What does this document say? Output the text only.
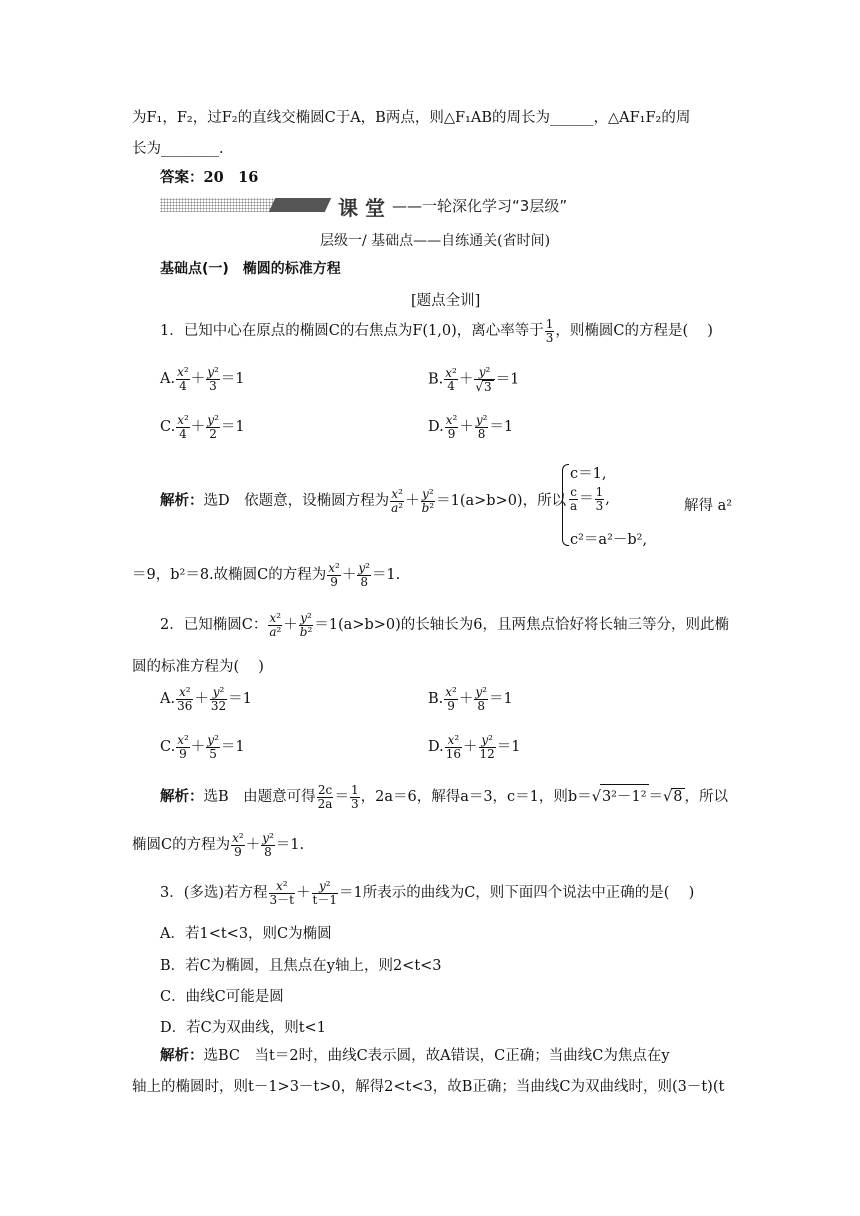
为F₁，F₂，过F₂的直线交椭圆C于A，B两点，则△F₁AB的周长为______，△AF₁F₂的周
长为________.
答案：20　16
课 堂 ——一轮深化学习“3层级”
层级一/ 基础点——自练通关(省时间)
基础点(一)　椭圆的标准方程
[题点全训]
1．已知中心在原点的椭圆C的右焦点为F(1,0)，离心率等于 $\frac{1}{3}$ ，则椭圆C的方程是(　 )
A. $\frac{\text{x²}}{4} + \frac{\text{y²}}{3} =1$	B. $\frac{\text{x²}}{4} + \frac{\text{y²}}{√3} =1$
C. $\frac{\text{x²}}{4} + \frac{\text{y²}}{2} =1$	D. $\frac{\text{x²}}{9} + \frac{\text{y²}}{8} =1$
解析：选D　依题意，设椭圆方程为 $\frac{\text{x²}}{\text{a²}} + \frac{\text{y²}}{\text{b²}} =1(a>b>0)$，所以
c＝1,
$\frac{c}{a} = \frac{1}{3}$ ,
c²＝a²－b²,
解得 a²
＝9，b²＝8.故椭圆C的方程为 $\frac{\text{x²}}{9} + \frac{\text{y²}}{8} =1$.
2．已知椭圆C： $\frac{\text{x²}}{\text{a²}} + \frac{\text{y²}}{\text{b²}} =1(a>b>0)$的长轴长为6，且两焦点恰好将长轴三等分，则此椭
圆的标准方程为(　 )
A. $\frac{\text{x²}}{36} + \frac{\text{y²}}{32} =1$	B. $\frac{\text{x²}}{9} + \frac{\text{y²}}{8} =1$
C. $\frac{\text{x²}}{9} + \frac{\text{y²}}{5} =1$	D. $\frac{\text{x²}}{16} + \frac{\text{y²}}{12} =1$
解析：选B　由题意可得 $\frac{2c}{2a} = \frac{1}{3}$ ，2a＝6，解得a＝3，c＝1，则b＝√3²－1² ＝√8 ，所以
椭圆C的方程为 $\frac{\text{x²}}{9} + \frac{\text{y²}}{8} =1$.
3．(多选)若方程 $\frac{\text{x²}}{3-t} + \frac{\text{y²}}{t-1} =1$所表示的曲线为C，则下面四个说法中正确的是(　 )
A．若1<t<3，则C为椭圆
B．若C为椭圆，且焦点在y轴上，则2<t<3
C．曲线C可能是圆
D．若C为双曲线，则t<1
解析：选BC　当t＝2时，曲线C表示圆，故A错误，C正确；当曲线C为焦点在y
轴上的椭圆时，则t－1>3－t>0，解得2<t<3，故B正确；当曲线C为双曲线时，则(3－t)(t
